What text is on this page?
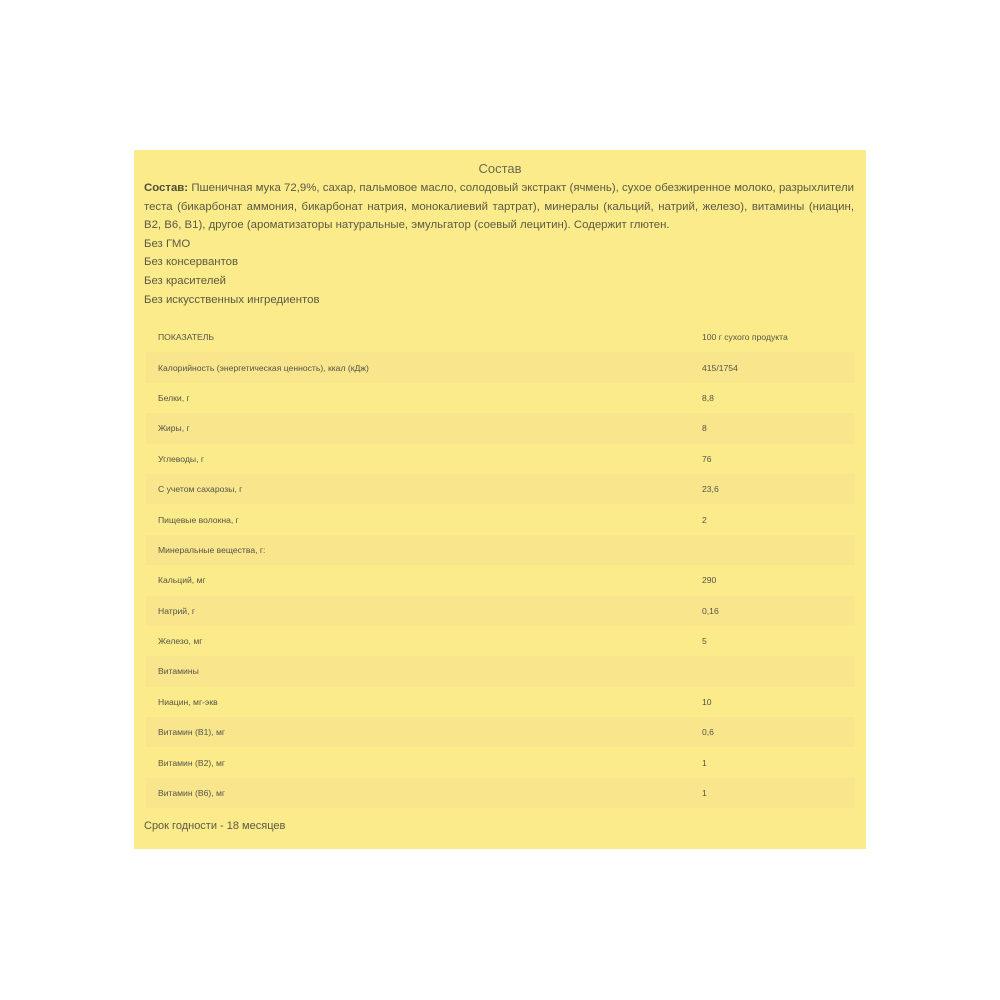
Состав
Состав: Пшеничная мука 72,9%, сахар, пальмовое масло, солодовый экстракт (ячмень), сухое обезжиренное молоко, разрыхлители теста (бикарбонат аммония, бикарбонат натрия, монокалиевий тартрат), минералы (кальций, натрий, железо), витамины (ниацин, B2, B6, B1), другое (ароматизаторы натуральные, эмульгатор (соевый лецитин). Содержит глютен.
Без ГМО
Без консервантов
Без красителей
Без искусственных ингредиентов
ПОКАЗАТЕЛЬ	100 г сухого продукта
Калорийность (энергетическая ценность), ккал (кДж)	415/1754
Белки, г	8,8
Жиры, г	8
Углеводы, г	76
С учетом сахарозы, г	23,6
Пищевые волокна, г	2
Минеральные вещества, г:
Кальций, мг	290
Натрий, г	0,16
Железо, мг	5
Витамины
Ниацин, мг-экв	10
Витамин (B1), мг	0,6
Витамин (B2), мг	1
Витамин (B6), мг	1
Срок годности - 18 месяцев
